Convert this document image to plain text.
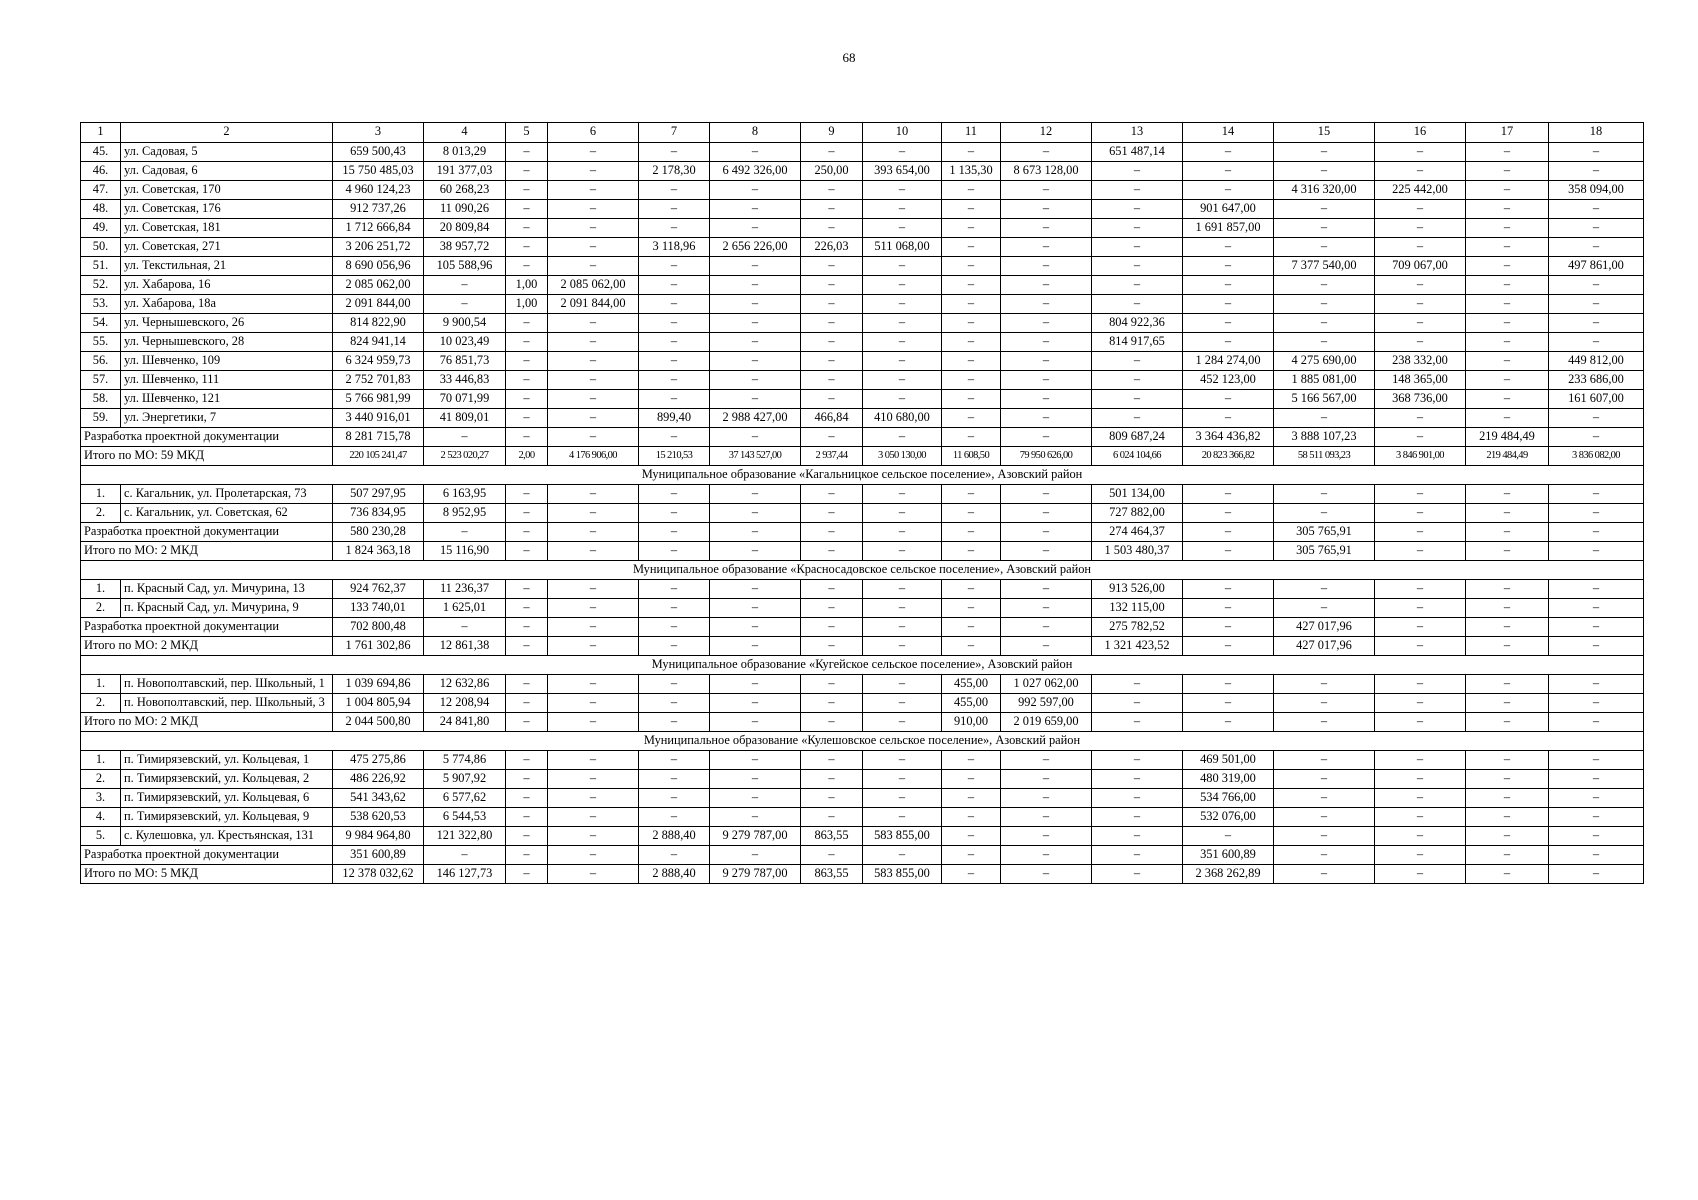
68
1	2	3	4	5	6	7	8	9	10	11	12	13	14	15	16	17	18
45.	ул. Садовая, 5	659 500,43	8 013,29	–	–	–	–	–	–	–	–	651 487,14	–	–	–	–	–
46.	ул. Садовая, 6	15 750 485,03	191 377,03	–	–	2 178,30	6 492 326,00	250,00	393 654,00	1 135,30	8 673 128,00	–	–	–	–	–	–
47.	ул. Советская, 170	4 960 124,23	60 268,23	–	–	–	–	–	–	–	–	–	–	4 316 320,00	225 442,00	–	358 094,00
48.	ул. Советская, 176	912 737,26	11 090,26	–	–	–	–	–	–	–	–	–	901 647,00	–	–	–	–
49.	ул. Советская, 181	1 712 666,84	20 809,84	–	–	–	–	–	–	–	–	–	1 691 857,00	–	–	–	–
50.	ул. Советская, 271	3 206 251,72	38 957,72	–	–	3 118,96	2 656 226,00	226,03	511 068,00	–	–	–	–	–	–	–	–
51.	ул. Текстильная, 21	8 690 056,96	105 588,96	–	–	–	–	–	–	–	–	–	–	7 377 540,00	709 067,00	–	497 861,00
52.	ул. Хабарова, 16	2 085 062,00	–	1,00	2 085 062,00	–	–	–	–	–	–	–	–	–	–	–	–
53.	ул. Хабарова, 18а	2 091 844,00	–	1,00	2 091 844,00	–	–	–	–	–	–	–	–	–	–	–	–
54.	ул. Чернышевского, 26	814 822,90	9 900,54	–	–	–	–	–	–	–	–	804 922,36	–	–	–	–	–
55.	ул. Чернышевского, 28	824 941,14	10 023,49	–	–	–	–	–	–	–	–	814 917,65	–	–	–	–	–
56.	ул. Шевченко, 109	6 324 959,73	76 851,73	–	–	–	–	–	–	–	–	–	1 284 274,00	4 275 690,00	238 332,00	–	449 812,00
57.	ул. Шевченко, 111	2 752 701,83	33 446,83	–	–	–	–	–	–	–	–	–	452 123,00	1 885 081,00	148 365,00	–	233 686,00
58.	ул. Шевченко, 121	5 766 981,99	70 071,99	–	–	–	–	–	–	–	–	–	–	5 166 567,00	368 736,00	–	161 607,00
59.	ул. Энергетики, 7	3 440 916,01	41 809,01	–	–	899,40	2 988 427,00	466,84	410 680,00	–	–	–	–	–	–	–	–
Разработка проектной документации		8 281 715,78	–	–	–	–	–	–	–	–	–	809 687,24	3 364 436,82	3 888 107,23	–	219 484,49	–
Итого по МО: 59 МКД		220 105 241,47	2 523 020,27	2,00	4 176 906,00	15 210,53	37 143 527,00	2 937,44	3 050 130,00	11 608,50	79 950 626,00	6 024 104,66	20 823 366,82	58 511 093,23	3 846 901,00	219 484,49	3 836 082,00
Муниципальное образование «Кагальницкое сельское поселение», Азовский район																	
1.	с. Кагальник, ул. Пролетарская, 73	507 297,95	6 163,95	–	–	–	–	–	–	–	–	501 134,00	–	–	–	–	–
2.	с. Кагальник, ул. Советская, 62	736 834,95	8 952,95	–	–	–	–	–	–	–	–	727 882,00	–	–	–	–	–
Разработка проектной документации		580 230,28	–	–	–	–	–	–	–	–	–	274 464,37	–	305 765,91	–	–	–
Итого по МО: 2 МКД		1 824 363,18	15 116,90	–	–	–	–	–	–	–	–	1 503 480,37	–	305 765,91	–	–	–
Муниципальное образование «Красносадовское сельское поселение», Азовский район																	
1.	п. Красный Сад, ул. Мичурина, 13	924 762,37	11 236,37	–	–	–	–	–	–	–	–	913 526,00	–	–	–	–	–
2.	п. Красный Сад, ул. Мичурина, 9	133 740,01	1 625,01	–	–	–	–	–	–	–	–	132 115,00	–	–	–	–	–
Разработка проектной документации		702 800,48	–	–	–	–	–	–	–	–	–	275 782,52	–	427 017,96	–	–	–
Итого по МО: 2 МКД		1 761 302,86	12 861,38	–	–	–	–	–	–	–	–	1 321 423,52	–	427 017,96	–	–	–
Муниципальное образование «Кугейское сельское поселение», Азовский район																	
1.	п. Новополтавский, пер. Школьный, 1	1 039 694,86	12 632,86	–	–	–	–	–	–	455,00	1 027 062,00	–	–	–	–	–	–
2.	п. Новополтавский, пер. Школьный, 3	1 004 805,94	12 208,94	–	–	–	–	–	–	455,00	992 597,00	–	–	–	–	–	–
Итого по МО: 2 МКД		2 044 500,80	24 841,80	–	–	–	–	–	–	910,00	2 019 659,00	–	–	–	–	–	–
Муниципальное образование «Кулешовское сельское поселение», Азовский район																	
1.	п. Тимирязевский, ул. Кольцевая, 1	475 275,86	5 774,86	–	–	–	–	–	–	–	–	–	469 501,00	–	–	–	–
2.	п. Тимирязевский, ул. Кольцевая, 2	486 226,92	5 907,92	–	–	–	–	–	–	–	–	–	480 319,00	–	–	–	–
3.	п. Тимирязевский, ул. Кольцевая, 6	541 343,62	6 577,62	–	–	–	–	–	–	–	–	–	534 766,00	–	–	–	–
4.	п. Тимирязевский, ул. Кольцевая, 9	538 620,53	6 544,53	–	–	–	–	–	–	–	–	–	532 076,00	–	–	–	–
5.	с. Кулешовка, ул. Крестьянская, 131	9 984 964,80	121 322,80	–	–	2 888,40	9 279 787,00	863,55	583 855,00	–	–	–	–	–	–	–	–
Разработка проектной документации		351 600,89	–	–	–	–	–	–	–	–	–	–	351 600,89	–	–	–	–
Итого по МО: 5 МКД		12 378 032,62	146 127,73	–	–	2 888,40	9 279 787,00	863,55	583 855,00	–	–	–	2 368 262,89	–	–	–	–
